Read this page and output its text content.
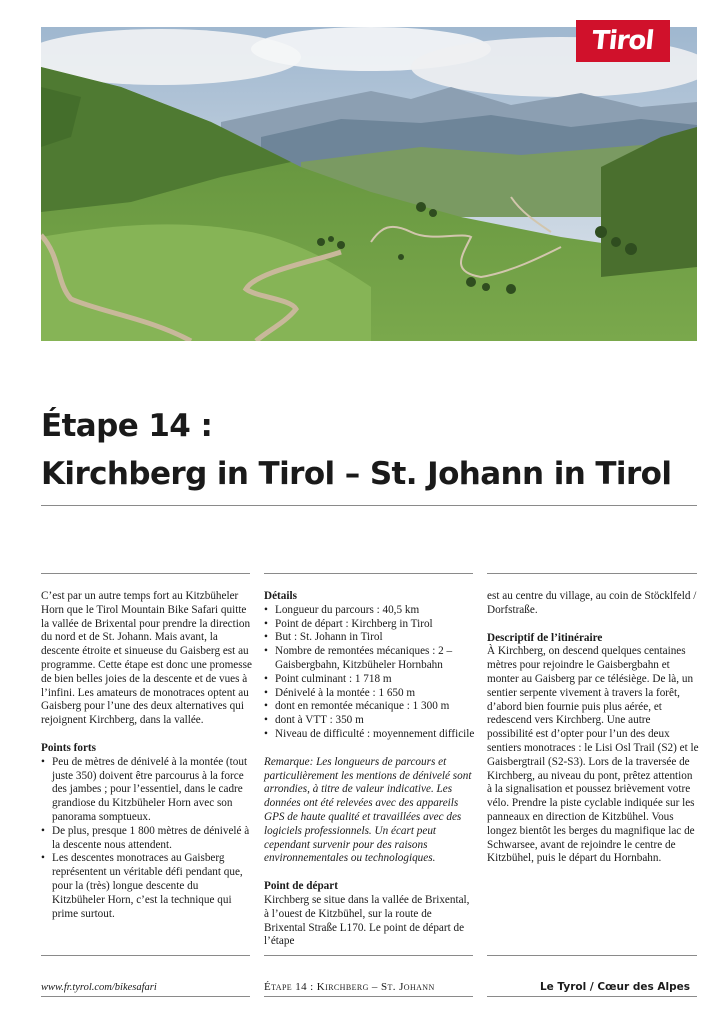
Tirol
Étape 14 :
Kirchberg in Tirol – St. Johann in Tirol

C’est par un autre temps fort au Kitzbüheler Horn que le Tirol Mountain Bike Safari quitte la vallée de Brixental pour prendre la direction du nord et de St. Johann. Mais avant, la descente étroite et sinueuse du Gaisberg est au programme. Cette étape est donc une promesse de bien belles joies de la descente et de vues à l’infini. Les amateurs de monotraces optent au Gaisberg pour l’une des deux alternatives qui rejoignent Kirchberg, dans la vallée.

Points forts
• Peu de mètres de dénivelé à la montée (tout juste 350) doivent être parcourus à la force des jambes ; pour l’essentiel, dans le cadre grandiose du Kitzbüheler Horn avec son panorama somptueux.
• De plus, presque 1 800 mètres de dénivelé à la descente nous attendent.
• Les descentes monotraces au Gaisberg représentent un véritable défi pendant que, pour la (très) longue descente du Kitzbüheler Horn, c’est la technique qui prime surtout.
Détails
• Longueur du parcours : 40,5 km
• Point de départ : Kirchberg in Tirol
• But : St. Johann in Tirol
• Nombre de remontées mécaniques : 2 – Gaisbergbahn, Kitzbüheler Hornbahn
• Point culminant : 1 718 m
• Dénivelé à la montée : 1 650 m
• dont en remontée mécanique : 1 300 m
• dont à VTT : 350 m
• Niveau de difficulté : moyennement difficile

Remarque: Les longueurs de parcours et particulièrement les mentions de dénivelé sont arrondies, à titre de valeur indicative. Les données ont été relevées avec des appareils GPS de haute qualité et travaillées avec des logiciels professionnels. Un écart peut cependant survenir pour des raisons environnementales ou technologiques.

Point de départ

Kirchberg se situe dans la vallée de Brixental, à l’ouest de Kitzbühel, sur la route de Brixental Straße L170. Le point de départ de l’étape

est au centre du village, au coin de Stöcklfeld / Dorfstraße.

Descriptif de l’itinéraire

À Kirchberg, on descend quelques centaines mètres pour rejoindre le Gaisbergbahn et monter au Gaisberg par ce télésiège. De là, un sentier serpente vivement à travers la forêt, d’abord bien fournie puis plus aérée, et redescend vers Kirchberg. Une autre possibilité est d’opter pour l’un des deux sentiers monotraces : le Lisi Osl Trail (S2) et le Gaisbergtrail (S2-S3). Lors de la traversée de Kirchberg, au niveau du pont, prêtez attention à la signalisation et poussez brièvement votre vélo. Prendre la piste cyclable indiquée sur les panneaux en direction de Kitzbühel. Vous longez bientôt les berges du magnifique lac de Schwarsee, avant de rejoindre le centre de Kitzbühel, puis le départ du Hornbahn.

www.fr.tyrol.com/bikesafari	Étape 14 : Kirchberg – St. Johann	Le Tyrol / Cœur des Alpes
